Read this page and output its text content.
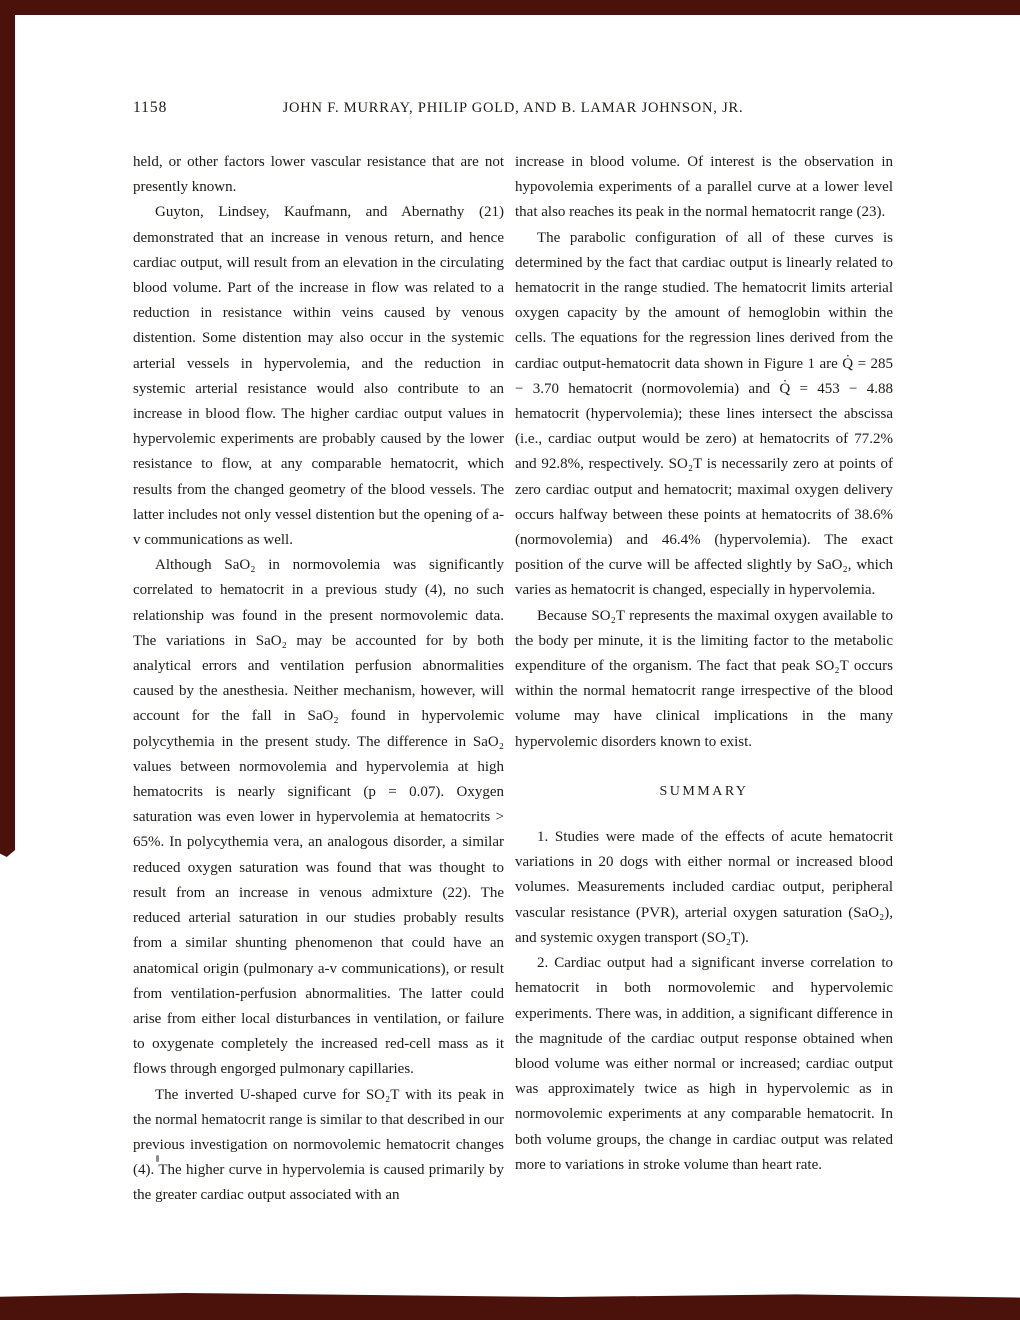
1158	JOHN F. MURRAY, PHILIP GOLD, AND B. LAMAR JOHNSON, JR.

held, or other factors lower vascular resistance that are not presently known.

Guyton, Lindsey, Kaufmann, and Abernathy (21) demonstrated that an increase in venous return, and hence cardiac output, will result from an elevation in the circulating blood volume. Part of the increase in flow was related to a reduction in resistance within veins caused by venous distention. Some distention may also occur in the systemic arterial vessels in hypervolemia, and the reduction in systemic arterial resistance would also contribute to an increase in blood flow. The higher cardiac output values in hypervolemic experiments are probably caused by the lower resistance to flow, at any comparable hematocrit, which results from the changed geometry of the blood vessels. The latter includes not only vessel distention but the opening of a-v communications as well.

Although SaO₂ in normovolemia was significantly correlated to hematocrit in a previous study (4), no such relationship was found in the present normovolemic data. The variations in SaO₂ may be accounted for by both analytical errors and ventilation perfusion abnormalities caused by the anesthesia. Neither mechanism, however, will account for the fall in SaO₂ found in hypervolemic polycythemia in the present study. The difference in SaO₂ values between normovolemia and hypervolemia at high hematocrits is nearly significant (p = 0.07). Oxygen saturation was even lower in hypervolemia at hematocrits > 65%. In polycythemia vera, an analogous disorder, a similar reduced oxygen saturation was found that was thought to result from an increase in venous admixture (22). The reduced arterial saturation in our studies probably results from a similar shunting phenomenon that could have an anatomical origin (pulmonary a-v communications), or result from ventilation-perfusion abnormalities. The latter could arise from either local disturbances in ventilation, or failure to oxygenate completely the increased red-cell mass as it flows through engorged pulmonary capillaries.

The inverted U-shaped curve for SO₂T with its peak in the normal hematocrit range is similar to that described in our previous investigation on normovolemic hematocrit changes (4). The higher curve in hypervolemia is caused primarily by the greater cardiac output associated with an

increase in blood volume. Of interest is the observation in hypovolemia experiments of a parallel curve at a lower level that also reaches its peak in the normal hematocrit range (23).

The parabolic configuration of all of these curves is determined by the fact that cardiac output is linearly related to hematocrit in the range studied. The hematocrit limits arterial oxygen capacity by the amount of hemoglobin within the cells. The equations for the regression lines derived from the cardiac output-hematocrit data shown in Figure 1 are Q̇ = 285 − 3.70 hematocrit (normovolemia) and Q̇ = 453 − 4.88 hematocrit (hypervolemia); these lines intersect the abscissa (i.e., cardiac output would be zero) at hematocrits of 77.2% and 92.8%, respectively. SO₂T is necessarily zero at points of zero cardiac output and hematocrit; maximal oxygen delivery occurs halfway between these points at hematocrits of 38.6% (normovolemia) and 46.4% (hypervolemia). The exact position of the curve will be affected slightly by SaO₂, which varies as hematocrit is changed, especially in hypervolemia.

Because SO₂T represents the maximal oxygen available to the body per minute, it is the limiting factor to the metabolic expenditure of the organism. The fact that peak SO₂T occurs within the normal hematocrit range irrespective of the blood volume may have clinical implications in the many hypervolemic disorders known to exist.

SUMMARY

1. Studies were made of the effects of acute hematocrit variations in 20 dogs with either normal or increased blood volumes. Measurements included cardiac output, peripheral vascular resistance (PVR), arterial oxygen saturation (SaO₂), and systemic oxygen transport (SO₂T).

2. Cardiac output had a significant inverse correlation to hematocrit in both normovolemic and hypervolemic experiments. There was, in addition, a significant difference in the magnitude of the cardiac output response obtained when blood volume was either normal or increased; cardiac output was approximately twice as high in hypervolemic as in normovolemic experiments at any comparable hematocrit. In both volume groups, the change in cardiac output was related more to variations in stroke volume than heart rate.
